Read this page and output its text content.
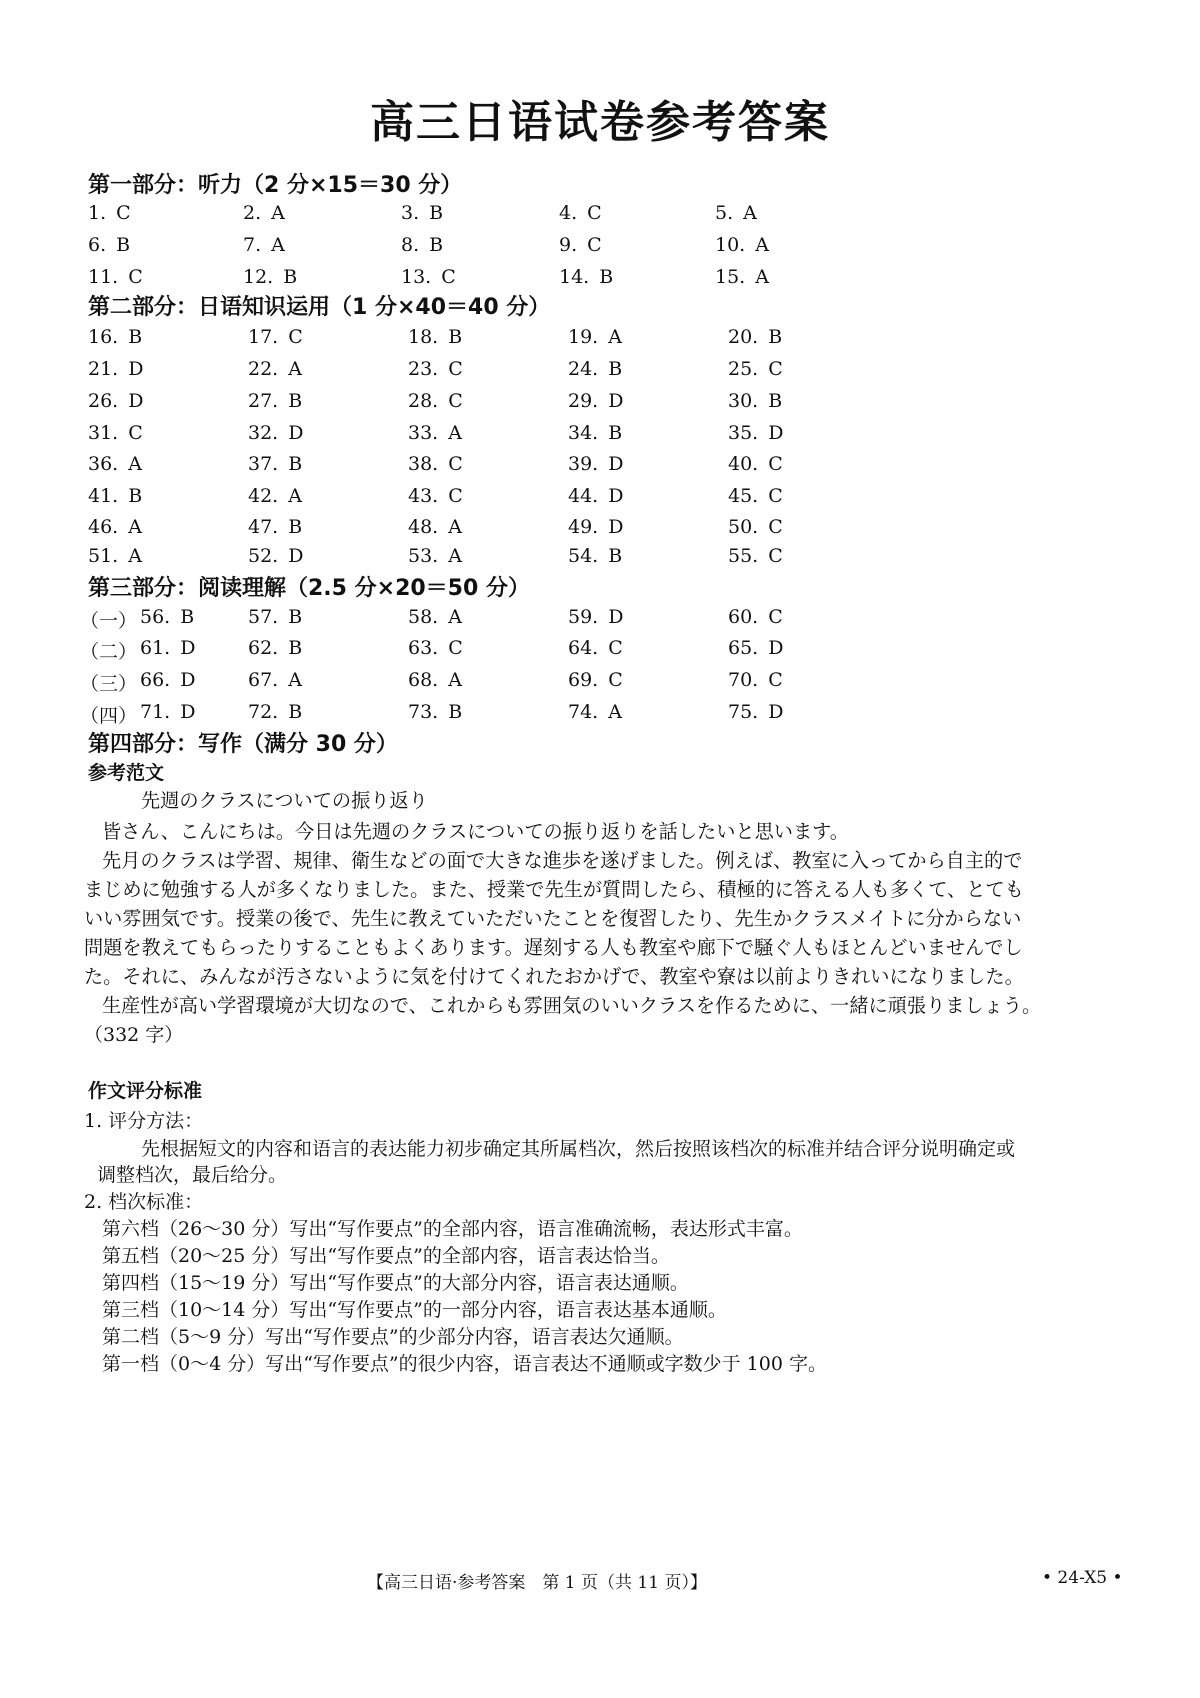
高三日语试卷参考答案
第一部分：听力（2 分×15＝30 分）
1. C	2. A	3. B	4. C	5. A
6. B	7. A	8. B	9. C	10. A
11. C	12. B	13. C	14. B	15. A
第二部分：日语知识运用（1 分×40＝40 分）
16. B	17. C	18. B	19. A	20. B
21. D	22. A	23. C	24. B	25. C
26. D	27. B	28. C	29. D	30. B
31. C	32. D	33. A	34. B	35. D
36. A	37. B	38. C	39. D	40. C
41. B	42. A	43. C	44. D	45. C
46. A	47. B	48. A	49. D	50. C
51. A	52. D	53. A	54. B	55. C
第三部分：阅读理解（2.5 分×20＝50 分）
（一） 56. B	57. B	58. A	59. D	60. C
（二） 61. D	62. B	63. C	64. C	65. D
（三） 66. D	67. A	68. A	69. C	70. C
（四） 71. D	72. B	73. B	74. A	75. D
第四部分：写作（满分 30 分）
参考范文
先週のクラスについての振り返り
皆さん、こんにちは。今日は先週のクラスについての振り返りを話したいと思います。
先月のクラスは学習、規律、衛生などの面で大きな進歩を遂げました。例えば、教室に入ってから自主的で
まじめに勉強する人が多くなりました。また、授業で先生が質問したら、積極的に答える人も多くて、とても
いい雰囲気です。授業の後で、先生に教えていただいたことを復習したり、先生かクラスメイトに分からない
問題を教えてもらったりすることもよくあります。遅刻する人も教室や廊下で騒ぐ人もほとんどいませんでし
た。それに、みんなが汚さないように気を付けてくれたおかげで、教室や寮は以前よりきれいになりました。
生産性が高い学習環境が大切なので、これからも雰囲気のいいクラスを作るために、一緒に頑張りましょう。
（332 字）
作文评分标准
1. 评分方法：
先根据短文的内容和语言的表达能力初步确定其所属档次，然后按照该档次的标准并结合评分说明确定或
调整档次，最后给分。
2. 档次标准：
第六档（26～30 分）写出“写作要点”的全部内容，语言准确流畅，表达形式丰富。
第五档（20～25 分）写出“写作要点”的全部内容，语言表达恰当。
第四档（15～19 分）写出“写作要点”的大部分内容，语言表达通顺。
第三档（10～14 分）写出“写作要点”的一部分内容，语言表达基本通顺。
第二档（5～9 分）写出“写作要点”的少部分内容，语言表达欠通顺。
第一档（0～4 分）写出“写作要点”的很少内容，语言表达不通顺或字数少于 100 字。
【高三日语·参考答案　第 1 页（共 11 页）】	• 24-X5 •
